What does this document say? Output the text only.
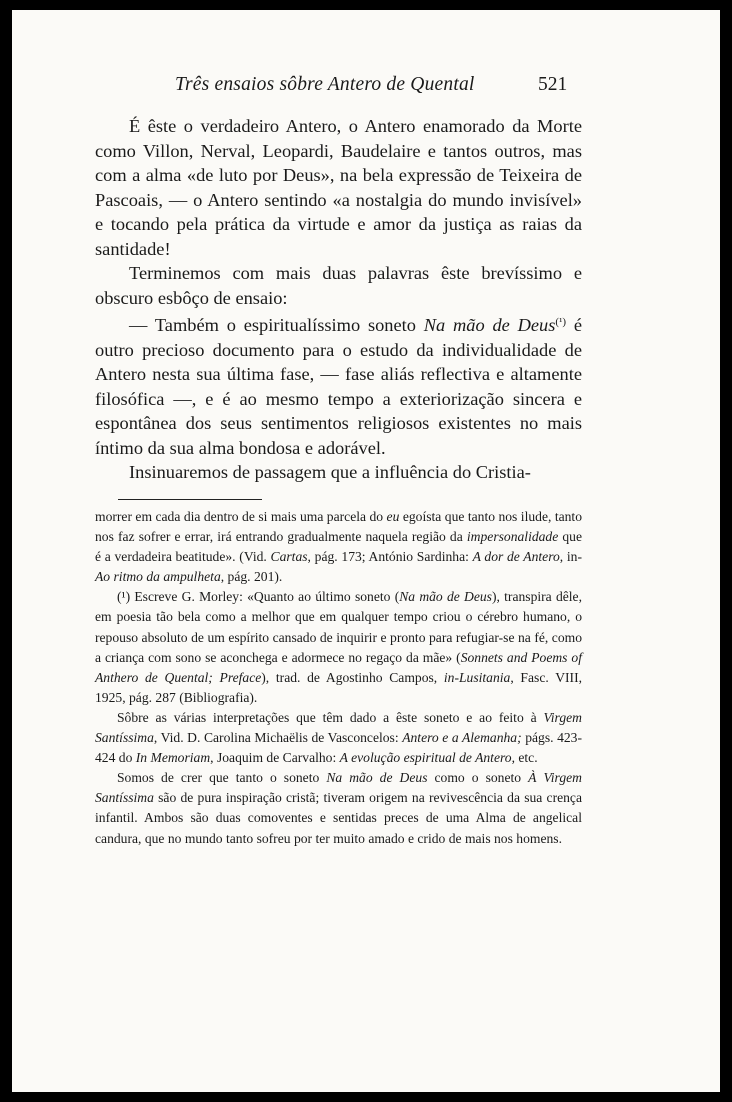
Três ensaios sôbre Antero de Quental	521

É êste o verdadeiro Antero, o Antero enamorado da Morte como Villon, Nerval, Leopardi, Baudelaire e tantos outros, mas com a alma «de luto por Deus», na bela expressão de Teixeira de Pascoais, — o Antero sentindo «a nostalgia do mundo invisível» e tocando pela prática da virtude e amor da justiça as raias da santidade!

Terminemos com mais duas palavras êste brevíssimo e obscuro esbôço de ensaio:

— Também o espiritualíssimo soneto Na mão de Deus$^{(^1)}$ é outro precioso documento para o estudo da individualidade de Antero nesta sua última fase, — fase aliás reflectiva e altamente filosófica —, e é ao mesmo tempo a exteriorização sincera e espontânea dos seus sentimentos religiosos existentes no mais íntimo da sua alma bondosa e adorável.

Insinuaremos de passagem que a influência do Cristia-

morrer em cada dia dentro de si mais uma parcela do eu egoísta que tanto nos ilude, tanto nos faz sofrer e errar, irá entrando gradualmente naquela região da impersonalidade que é a verdadeira beatitude». (Vid. Cartas, pág. 173; António Sardinha: A dor de Antero, in-Ao ritmo da ampulheta, pág. 201).

(¹) Escreve G. Morley: «Quanto ao último soneto (Na mão de Deus), transpira dêle, em poesia tão bela como a melhor que em qualquer tempo criou o cérebro humano, o repouso absoluto de um espírito cansado de inquirir e pronto para refugiar-se na fé, como a criança com sono se aconchega e adormece no regaço da mãe» (Sonnets and Poems of Anthero de Quental; Preface), trad. de Agostinho Campos, in-Lusitania, Fasc. VIII, 1925, pág. 287 (Bibliografia).

Sôbre as várias interpretações que têm dado a êste soneto e ao feito à Virgem Santíssima, Vid. D. Carolina Michaëlis de Vasconcelos: Antero e a Alemanha; págs. 423-424 do In Memoriam, Joaquim de Carvalho: A evolução espiritual de Antero, etc.

Somos de crer que tanto o soneto Na mão de Deus como o soneto À Virgem Santíssima são de pura inspiração cristã; tiveram origem na revivescência da sua crença infantil. Ambos são duas comoventes e sentidas preces de uma Alma de angelical candura, que no mundo tanto sofreu por ter muito amado e crido de mais nos homens.
